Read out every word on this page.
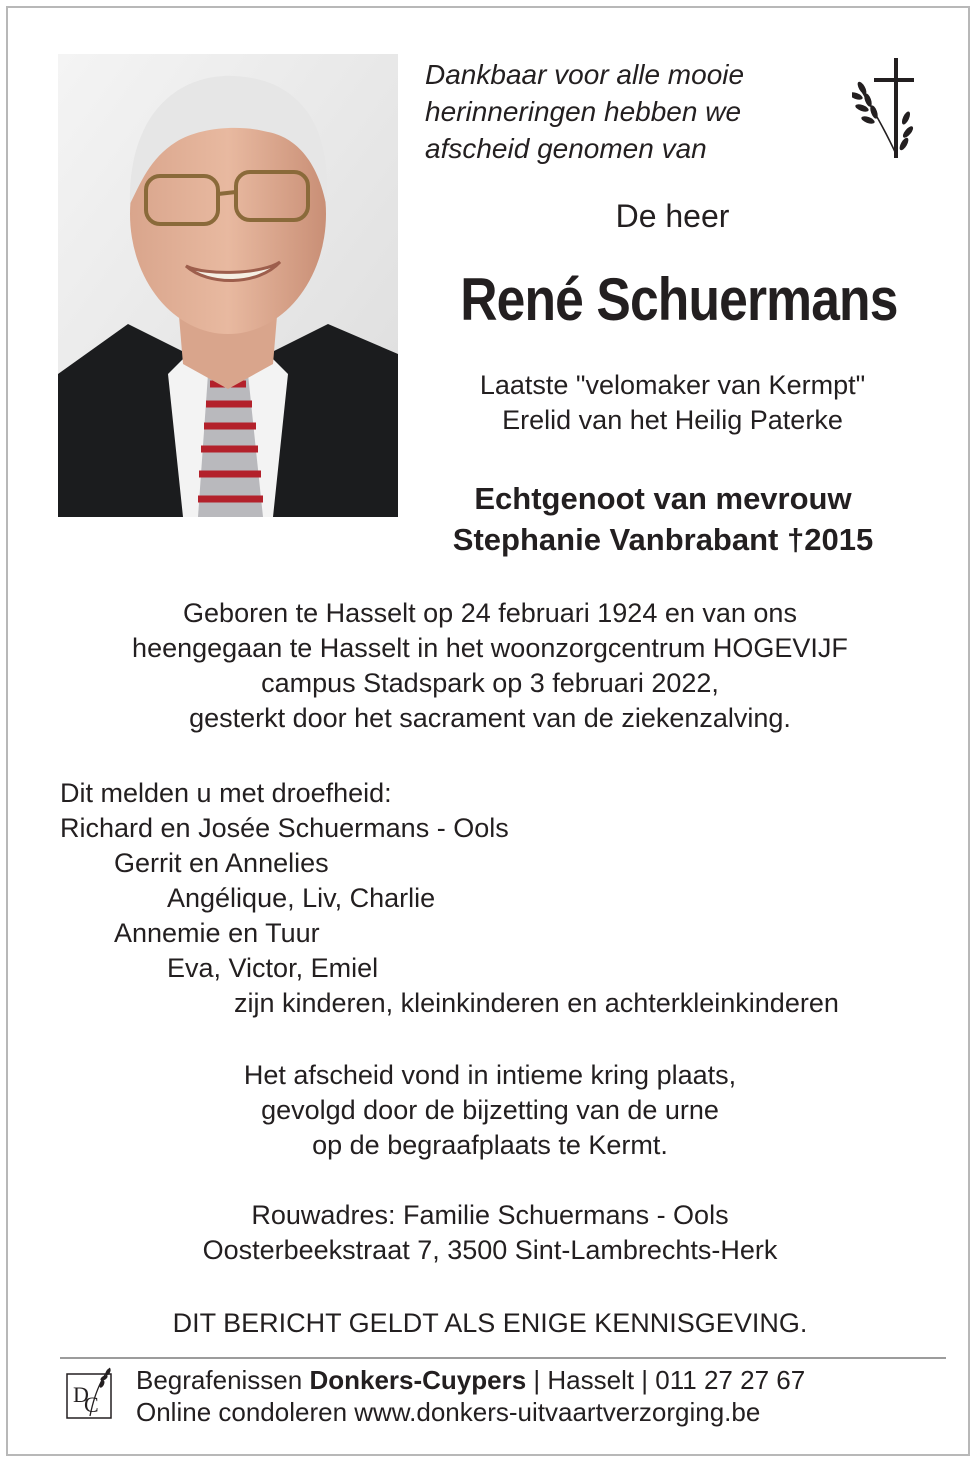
Dankbaar voor alle mooie
herinneringen hebben we
afscheid genomen van
De heer
René Schuermans
Laatste "velomaker van Kermpt"
Erelid van het Heilig Paterke
Echtgenoot van mevrouw
Stephanie Vanbrabant †2015
Geboren te Hasselt op 24 februari 1924 en van ons
heengegaan te Hasselt in het woonzorgcentrum HOGEVIJF
campus Stadspark op 3 februari 2022,
gesterkt door het sacrament van de ziekenzalving.
Dit melden u met droefheid:
Richard en Josée Schuermans - Ools
Gerrit en Annelies
Angélique, Liv, Charlie
Annemie en Tuur
Eva, Victor, Emiel
zijn kinderen, kleinkinderen en achterkleinkinderen
Het afscheid vond in intieme kring plaats,
gevolgd door de bijzetting van de urne
op de begraafplaats te Kermt.
Rouwadres: Familie Schuermans - Ools
Oosterbeekstraat 7, 3500 Sint-Lambrechts-Herk
DIT BERICHT GELDT ALS ENIGE KENNISGEVING.
D
C
Begrafenissen Donkers-Cuypers | Hasselt | 011 27 27 67
Online condoleren www.donkers-uitvaartverzorging.be
